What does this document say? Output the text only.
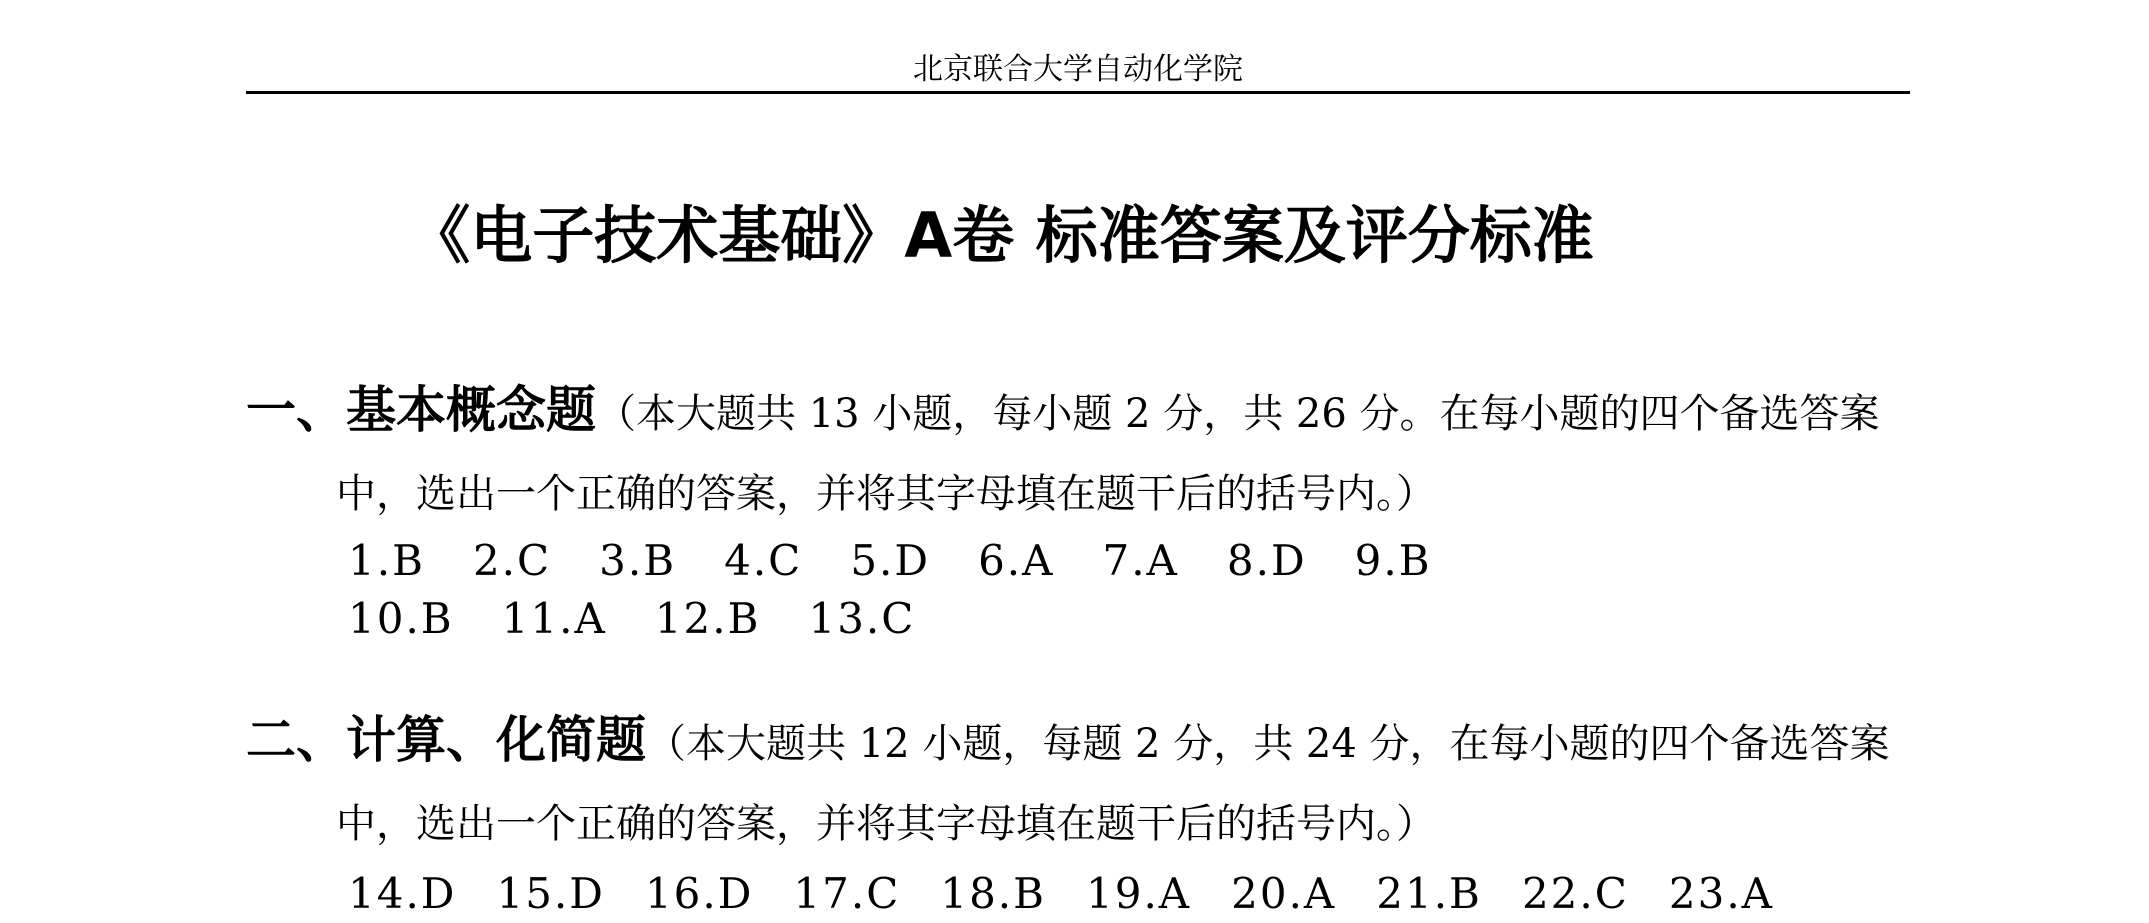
北京联合大学自动化学院
《电子技术基础》A卷 标准答案及评分标准
一、基本概念题（本大题共 13 小题，每小题 2 分，共 26 分。在每小题的四个备选答案
中，选出一个正确的答案，并将其字母填在题干后的括号内。）
1.B 2.C 3.B 4.C 5.D 6.A 7.A 8.D 9.B
10.B 11.A 12.B 13.C
二、计算、化简题（本大题共 12 小题，每题 2 分，共 24 分，在每小题的四个备选答案
中，选出一个正确的答案，并将其字母填在题干后的括号内。）
14.D 15.D 16.D 17.C 18.B 19.A 20.A 21.B 22.C 23.A
